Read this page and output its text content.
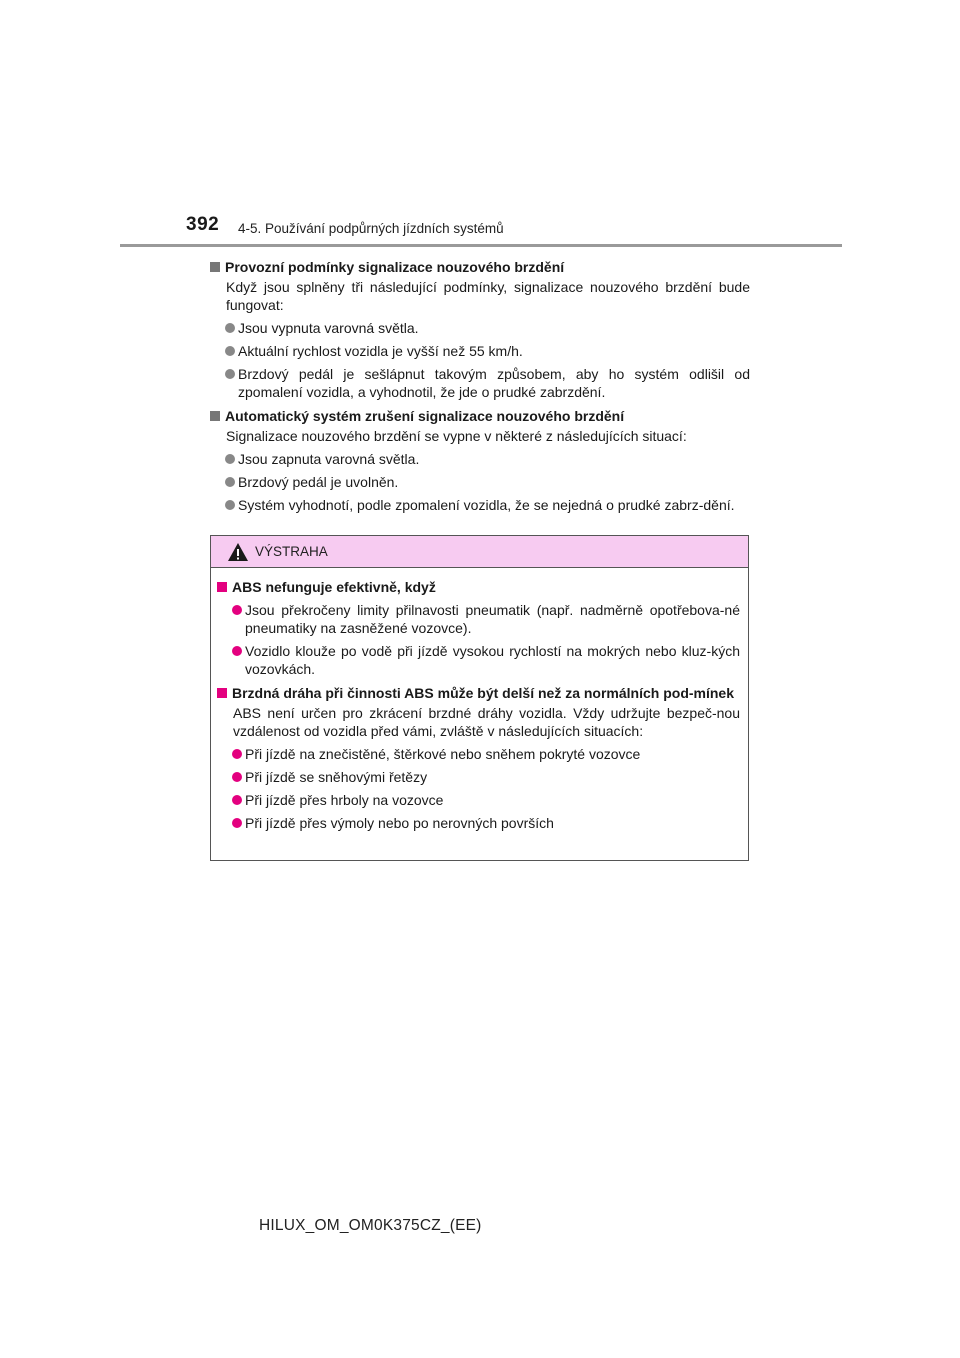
392 4-5. Používání podpůrných jízdních systémů
Provozní podmínky signalizace nouzového brzdění
Když jsou splněny tři následující podmínky, signalizace nouzového brzdění bude fungovat:
Jsou vypnuta varovná světla.
Aktuální rychlost vozidla je vyšší než 55 km/h.
Brzdový pedál je sešlápnut takovým způsobem, aby ho systém odlišil od zpomalení vozidla, a vyhodnotil, že jde o prudké zabrzdění.
Automatický systém zrušení signalizace nouzového brzdění
Signalizace nouzového brzdění se vypne v některé z následujících situací:
Jsou zapnuta varovná světla.
Brzdový pedál je uvolněn.
Systém vyhodnotí, podle zpomalení vozidla, že se nejedná o prudké zabrz-dění.
VÝSTRAHA
ABS nefunguje efektivně, když
Jsou překročeny limity přilnavosti pneumatik (např. nadměrně opotřebova-né pneumatiky na zasněžené vozovce).
Vozidlo klouže po vodě při jízdě vysokou rychlostí na mokrých nebo kluz-kých vozovkách.
Brzdná dráha při činnosti ABS může být delší než za normálních pod-mínek
ABS není určen pro zkrácení brzdné dráhy vozidla. Vždy udržujte bezpeč-nou vzdálenost od vozidla před vámi, zvláště v následujících situacích:
Při jízdě na znečistěné, štěrkové nebo sněhem pokryté vozovce
Při jízdě se sněhovými řetězy
Při jízdě přes hrboly na vozovce
Při jízdě přes výmoly nebo po nerovných površích
HILUX_OM_OM0K375CZ_(EE)
